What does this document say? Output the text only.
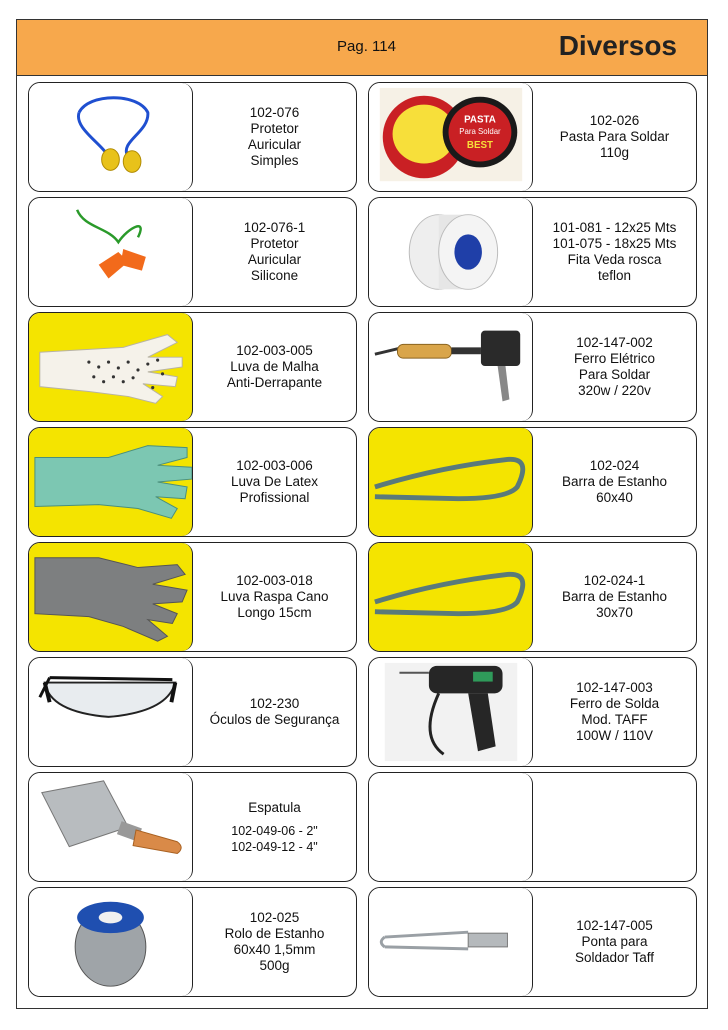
Pag. 114	Diversos
102-076
Protetor
Auricular
Simples
102-076-1
Protetor
Auricular
Silicone
102-003-005
Luva de Malha
Anti-Derrapante
102-003-006
Luva De Latex
Profissional
102-003-018
Luva Raspa Cano
Longo 15cm
102-230
Óculos de Segurança
Espatula
102-049-06 - 2"
102-049-12 - 4"
102-025
Rolo de Estanho
60x40 1,5mm
500g
PASTA
Para Soldar
BEST
102-026
Pasta Para Soldar
110g
101-081 - 12x25 Mts
101-075 - 18x25 Mts
Fita Veda rosca
teflon
102-147-002
Ferro Elétrico
Para Soldar
320w / 220v
102-024
Barra de Estanho
60x40
102-024-1
Barra de Estanho
30x70
102-147-003
Ferro de Solda
Mod. TAFF
100W / 110V
102-147-005
Ponta para
Soldador Taff
